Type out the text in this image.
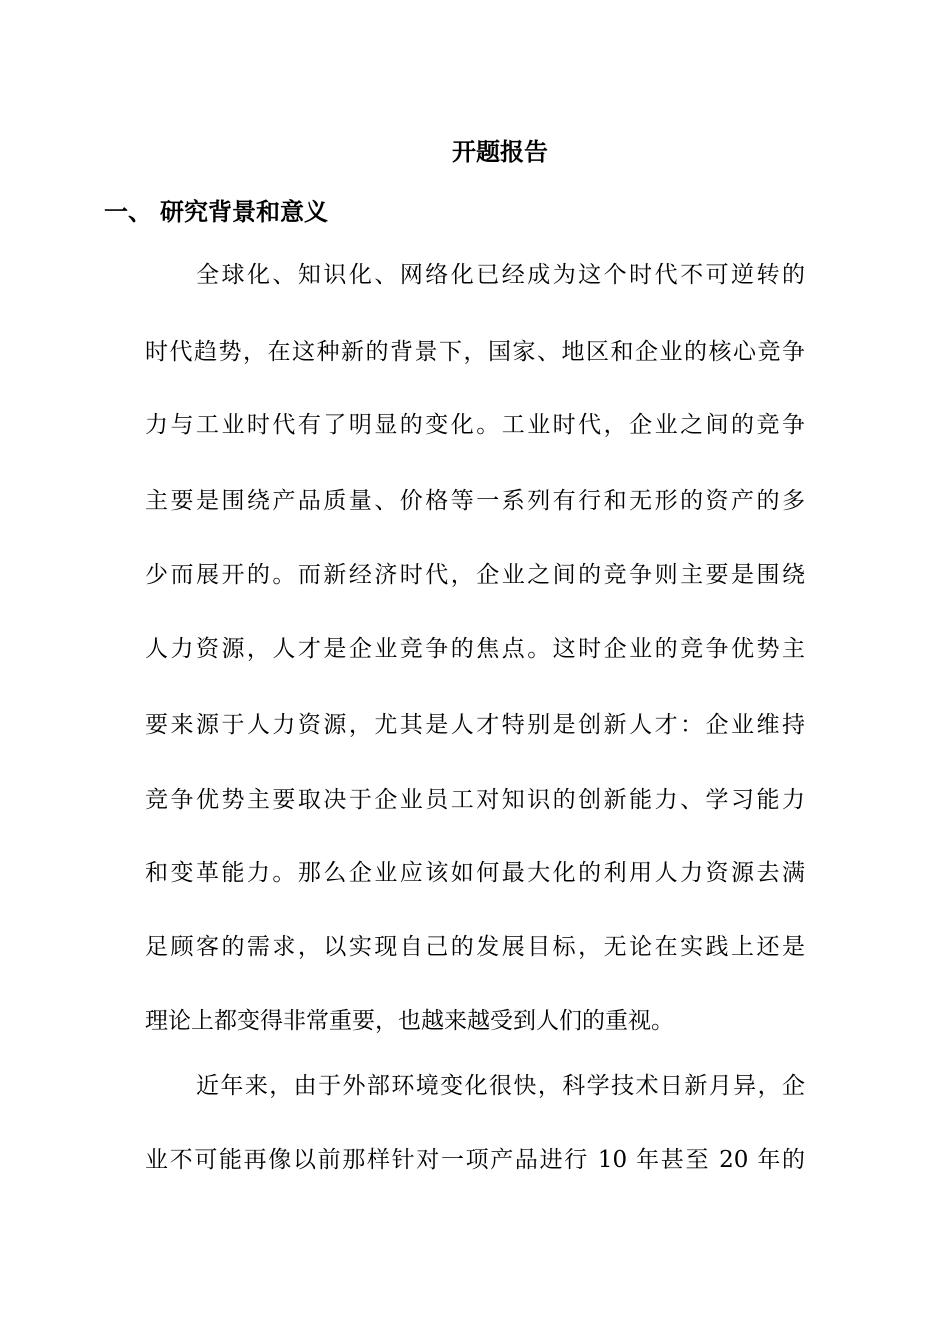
开题报告
一、 研究背景和意义
全球化、知识化、网络化已经成为这个时代不可逆转的
时代趋势，在这种新的背景下，国家、地区和企业的核心竞争
力与工业时代有了明显的变化。工业时代，企业之间的竞争
主要是围绕产品质量、价格等一系列有行和无形的资产的多
少而展开的。而新经济时代，企业之间的竞争则主要是围绕
人力资源，人才是企业竞争的焦点。这时企业的竞争优势主
要来源于人力资源，尤其是人才特别是创新人才：企业维持
竞争优势主要取决于企业员工对知识的创新能力、学习能力
和变革能力。那么企业应该如何最大化的利用人力资源去满
足顾客的需求，以实现自己的发展目标，无论在实践上还是
理论上都变得非常重要，也越来越受到人们的重视。
近年来，由于外部环境变化很快，科学技术日新月异，企
业不可能再像以前那样针对一项产品进行 10 年甚至 20 年的
